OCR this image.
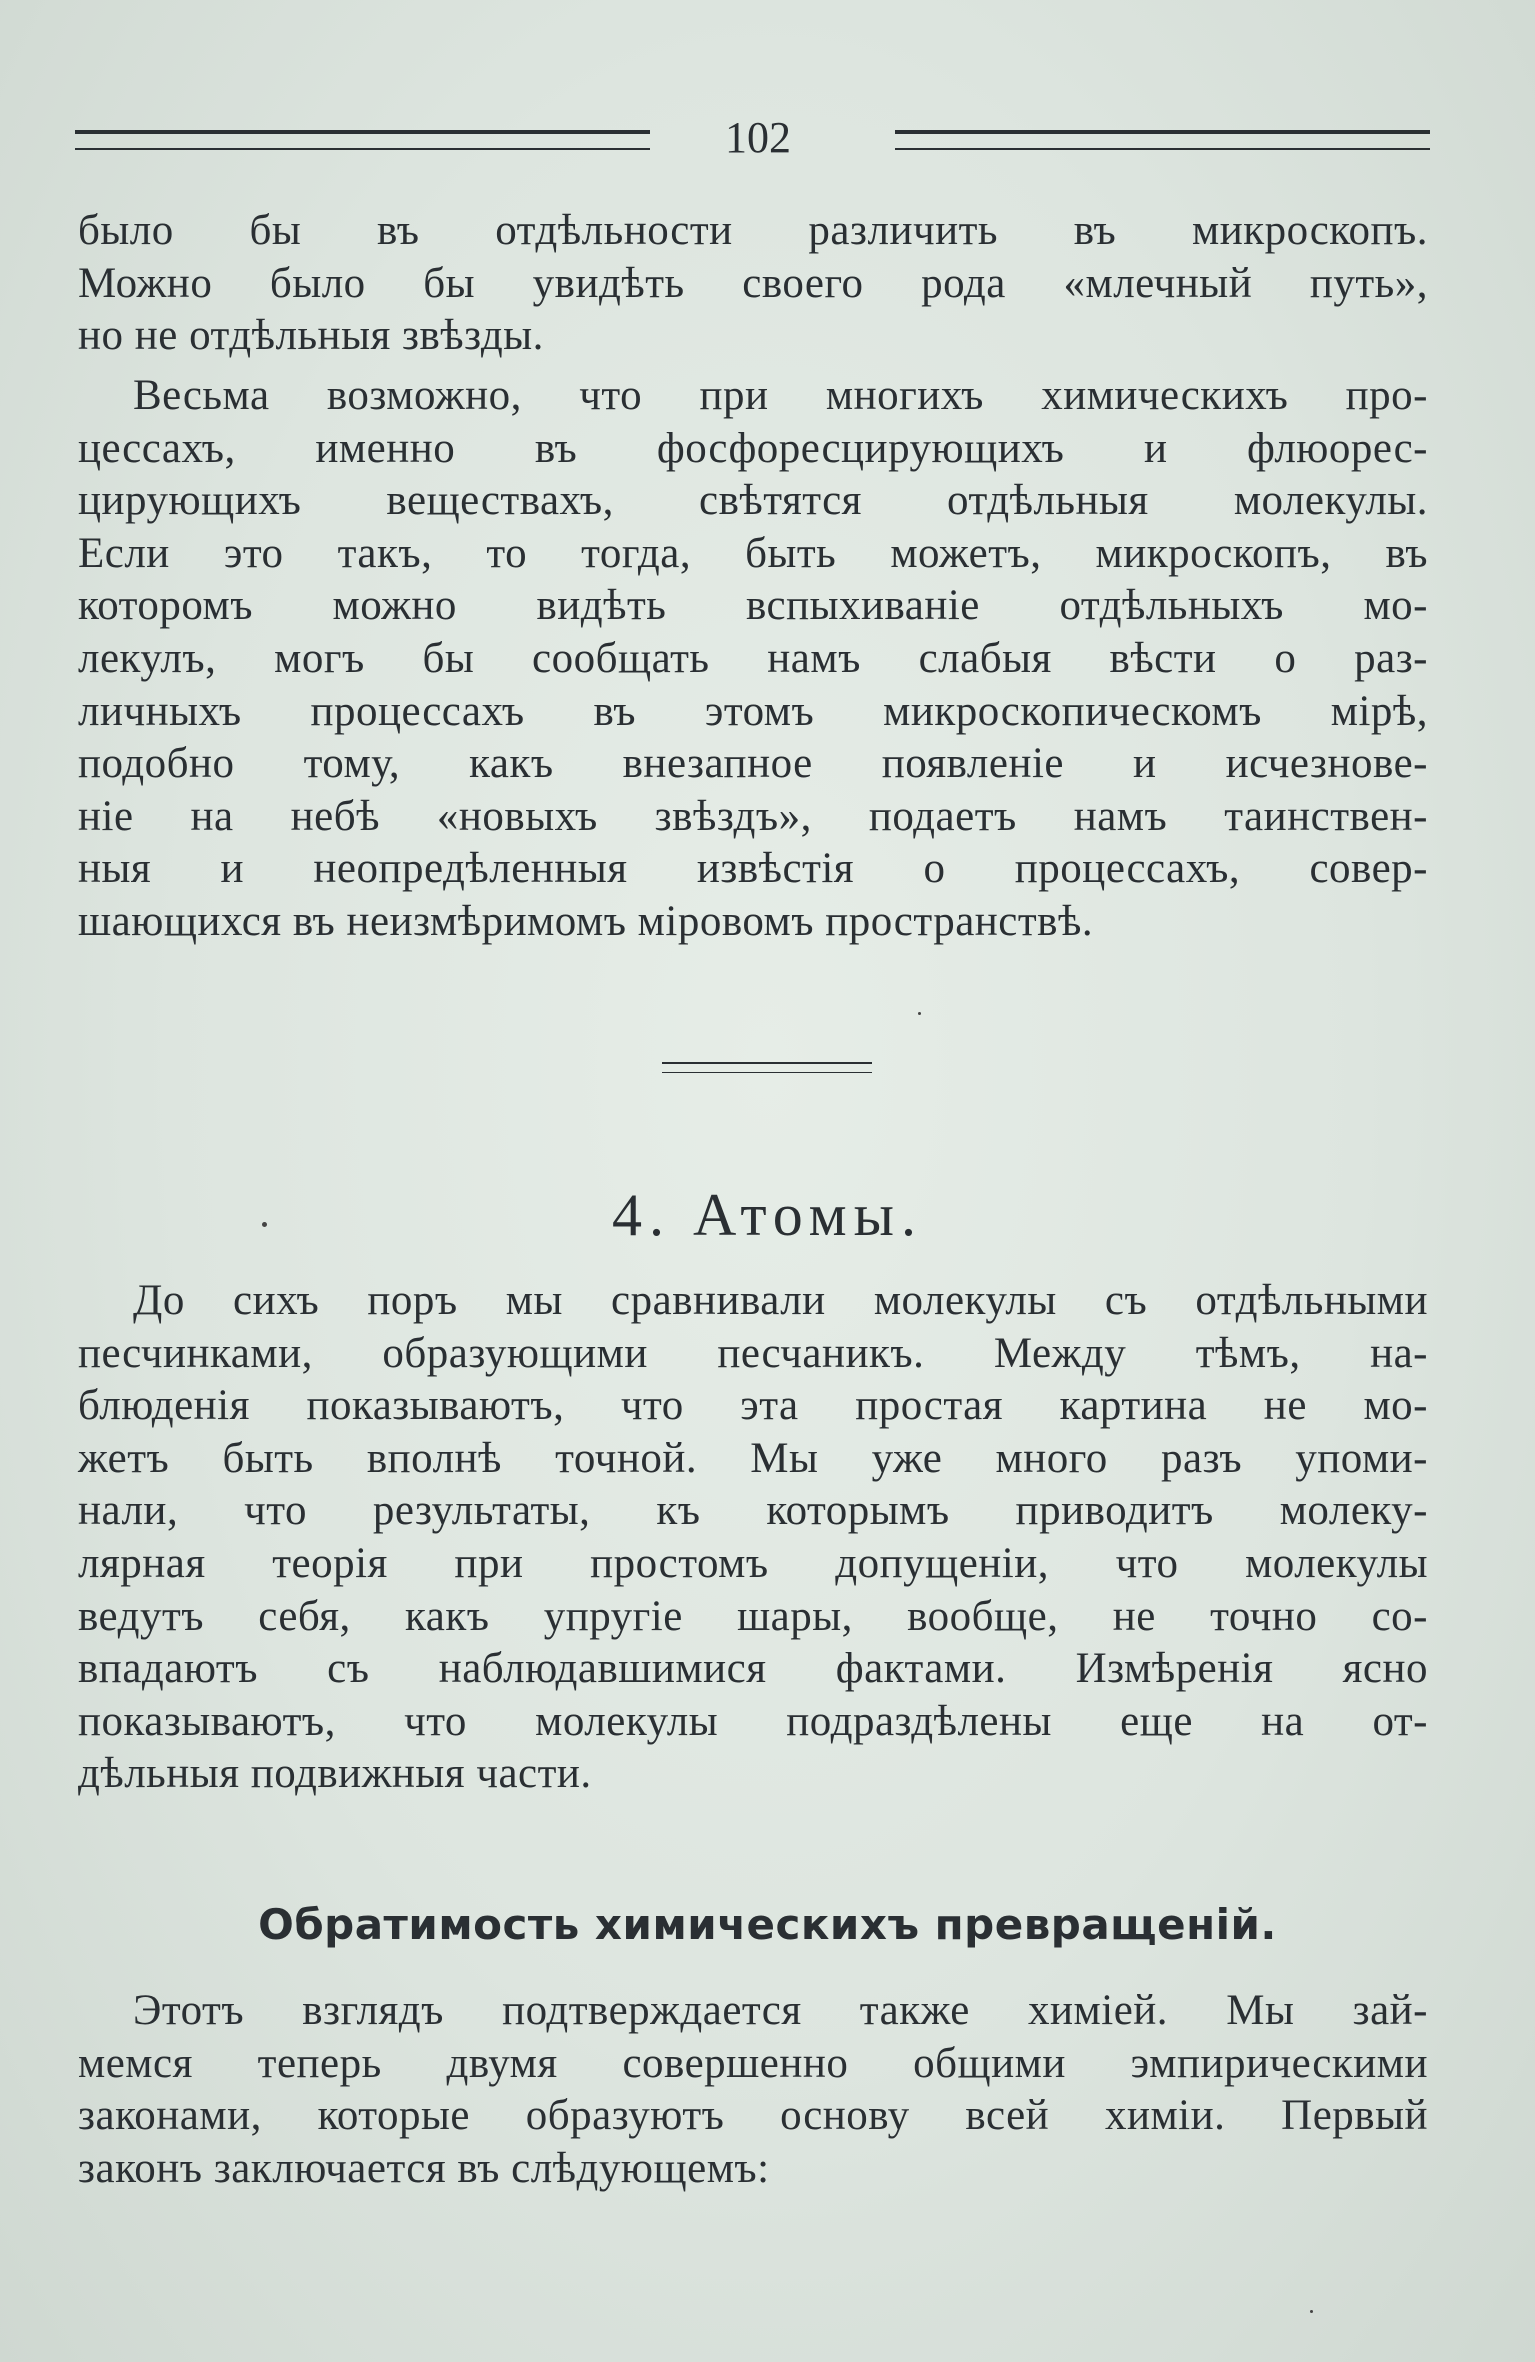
102
было бы въ отдѣльности различить въ микроскопъ.
Можно было бы увидѣть своего рода «млечный путь»,
но не отдѣльныя звѣзды.
Весьма возможно, что при многихъ химическихъ про-
цессахъ, именно въ фосфоресцирующихъ и флюорес-
цирующихъ веществахъ, свѣтятся отдѣльныя молекулы.
Если это такъ, то тогда, быть можетъ, микроскопъ, въ
которомъ можно видѣть вспыхиванiе отдѣльныхъ мо-
лекулъ, могъ бы сообщать намъ слабыя вѣсти о раз-
личныхъ процессахъ въ этомъ микроскопическомъ мiрѣ,
подобно тому, какъ внезапное появленiе и исчезнове-
нiе на небѣ «новыхъ звѣздъ», подаетъ намъ таинствен-
ныя и неопредѣленныя извѣстiя о процессахъ, совер-
шающихся въ неизмѣримомъ мiровомъ пространствѣ.
4. Атомы.
До сихъ поръ мы сравнивали молекулы съ отдѣльными
песчинками, образующими песчаникъ. Между тѣмъ, на-
блюденiя показываютъ, что эта простая картина не мо-
жетъ быть вполнѣ точной. Мы уже много разъ упоми-
нали, что результаты, къ которымъ приводитъ молеку-
лярная теорiя при простомъ допущенiи, что молекулы
ведутъ себя, какъ упругiе шары, вообще, не точно со-
впадаютъ съ наблюдавшимися фактами. Измѣренiя ясно
показываютъ, что молекулы подраздѣлены еще на от-
дѣльныя подвижныя части.
Обратимость химическихъ превращенiй.
Этотъ взглядъ подтверждается также химiей. Мы зай-
мемся теперь двумя совершенно общими эмпирическими
законами, которые образуютъ основу всей химiи. Первый
законъ заключается въ слѣдующемъ:
